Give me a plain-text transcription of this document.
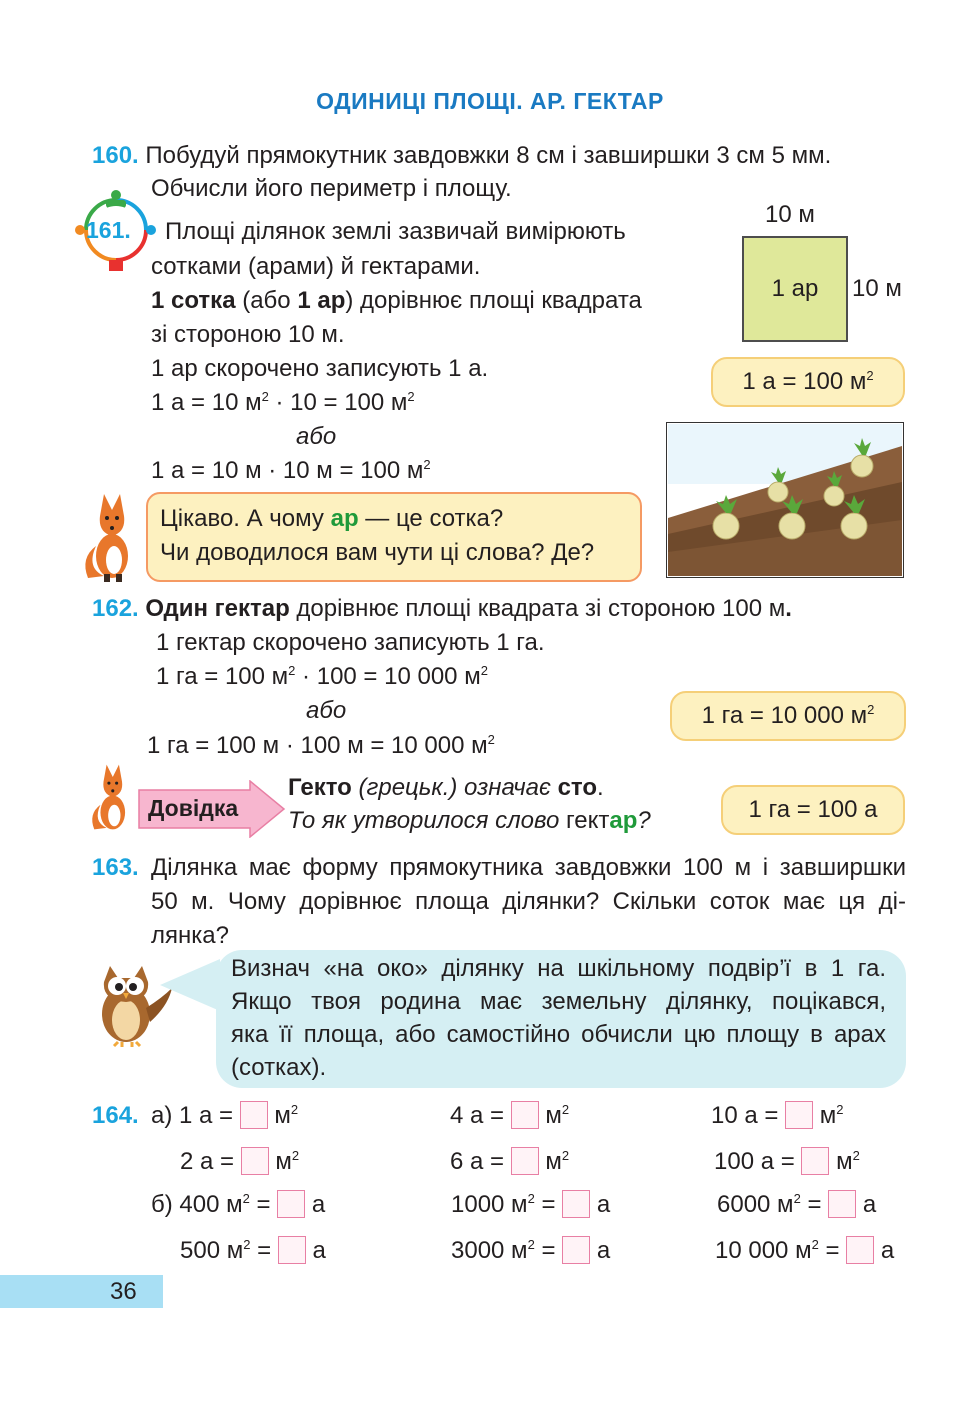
ОДИНИЦІ ПЛОЩІ. АР. ГЕКТАР
160. Побудуй прямокутник завдовжки 8 см і завширшки 3 см 5 мм.
Обчисли його периметр і площу.
161. Площі ділянок землі зазвичай вимірюють
сотками (арами) й гектарами.
1 сотка (або 1 ар) дорівнює площі квадрата
зі стороною 10 м.
1 ар скорочено записують 1 а.
1 а = 10 $м^2 \cdot 10 = 100$ $м^2$
або
1 а = 10 м · 10 м = 100 $м^2$
10 м
1 ар	10 м
1 а = 100 $м^2$
Цікаво. А чому ар — це сотка?
Чи доводилося вам чути ці слова? Де?
162. Один гектар дорівнює площі квадрата зі стороною 100 м.
1 гектар скорочено записують 1 га.
1 га = 100 $м^2 \cdot 100 = 10$ 000 $м^2$
або
1 га = 100 м · 100 м = 10 000 $м^2$
1 га = 10 000 $м^2$
Довідка
Гекто (грецьк.) означає сто.
То як утворилося слово гектар?	1 га = 100 а
163. Ділянка має форму прямокутника завдовжки 100 м і завширшки
50 м. Чому дорівнює площа ділянки? Скільки соток має ця ді-
лянка?
Визнач «на око» ділянку на шкільному подвір’ї в 1 га.
Якщо твоя родина має земельну ділянку, поцікався,
яка її площа, або самостійно обчисли цю площу в арах
(сотках).
164. а) 1 $а = м^2$	4 $а = м^2$	10 $а = м^2$
2 $а = м^2$	6 $а = м^2$	100 $а = м^2$
б) 400 $м^2 = а$	1000 $м^2 = а$	6000 $м^2 = а$
500 $м^2 = а$	3000 $м^2 = а$	10 000 $м^2 = а$
36
